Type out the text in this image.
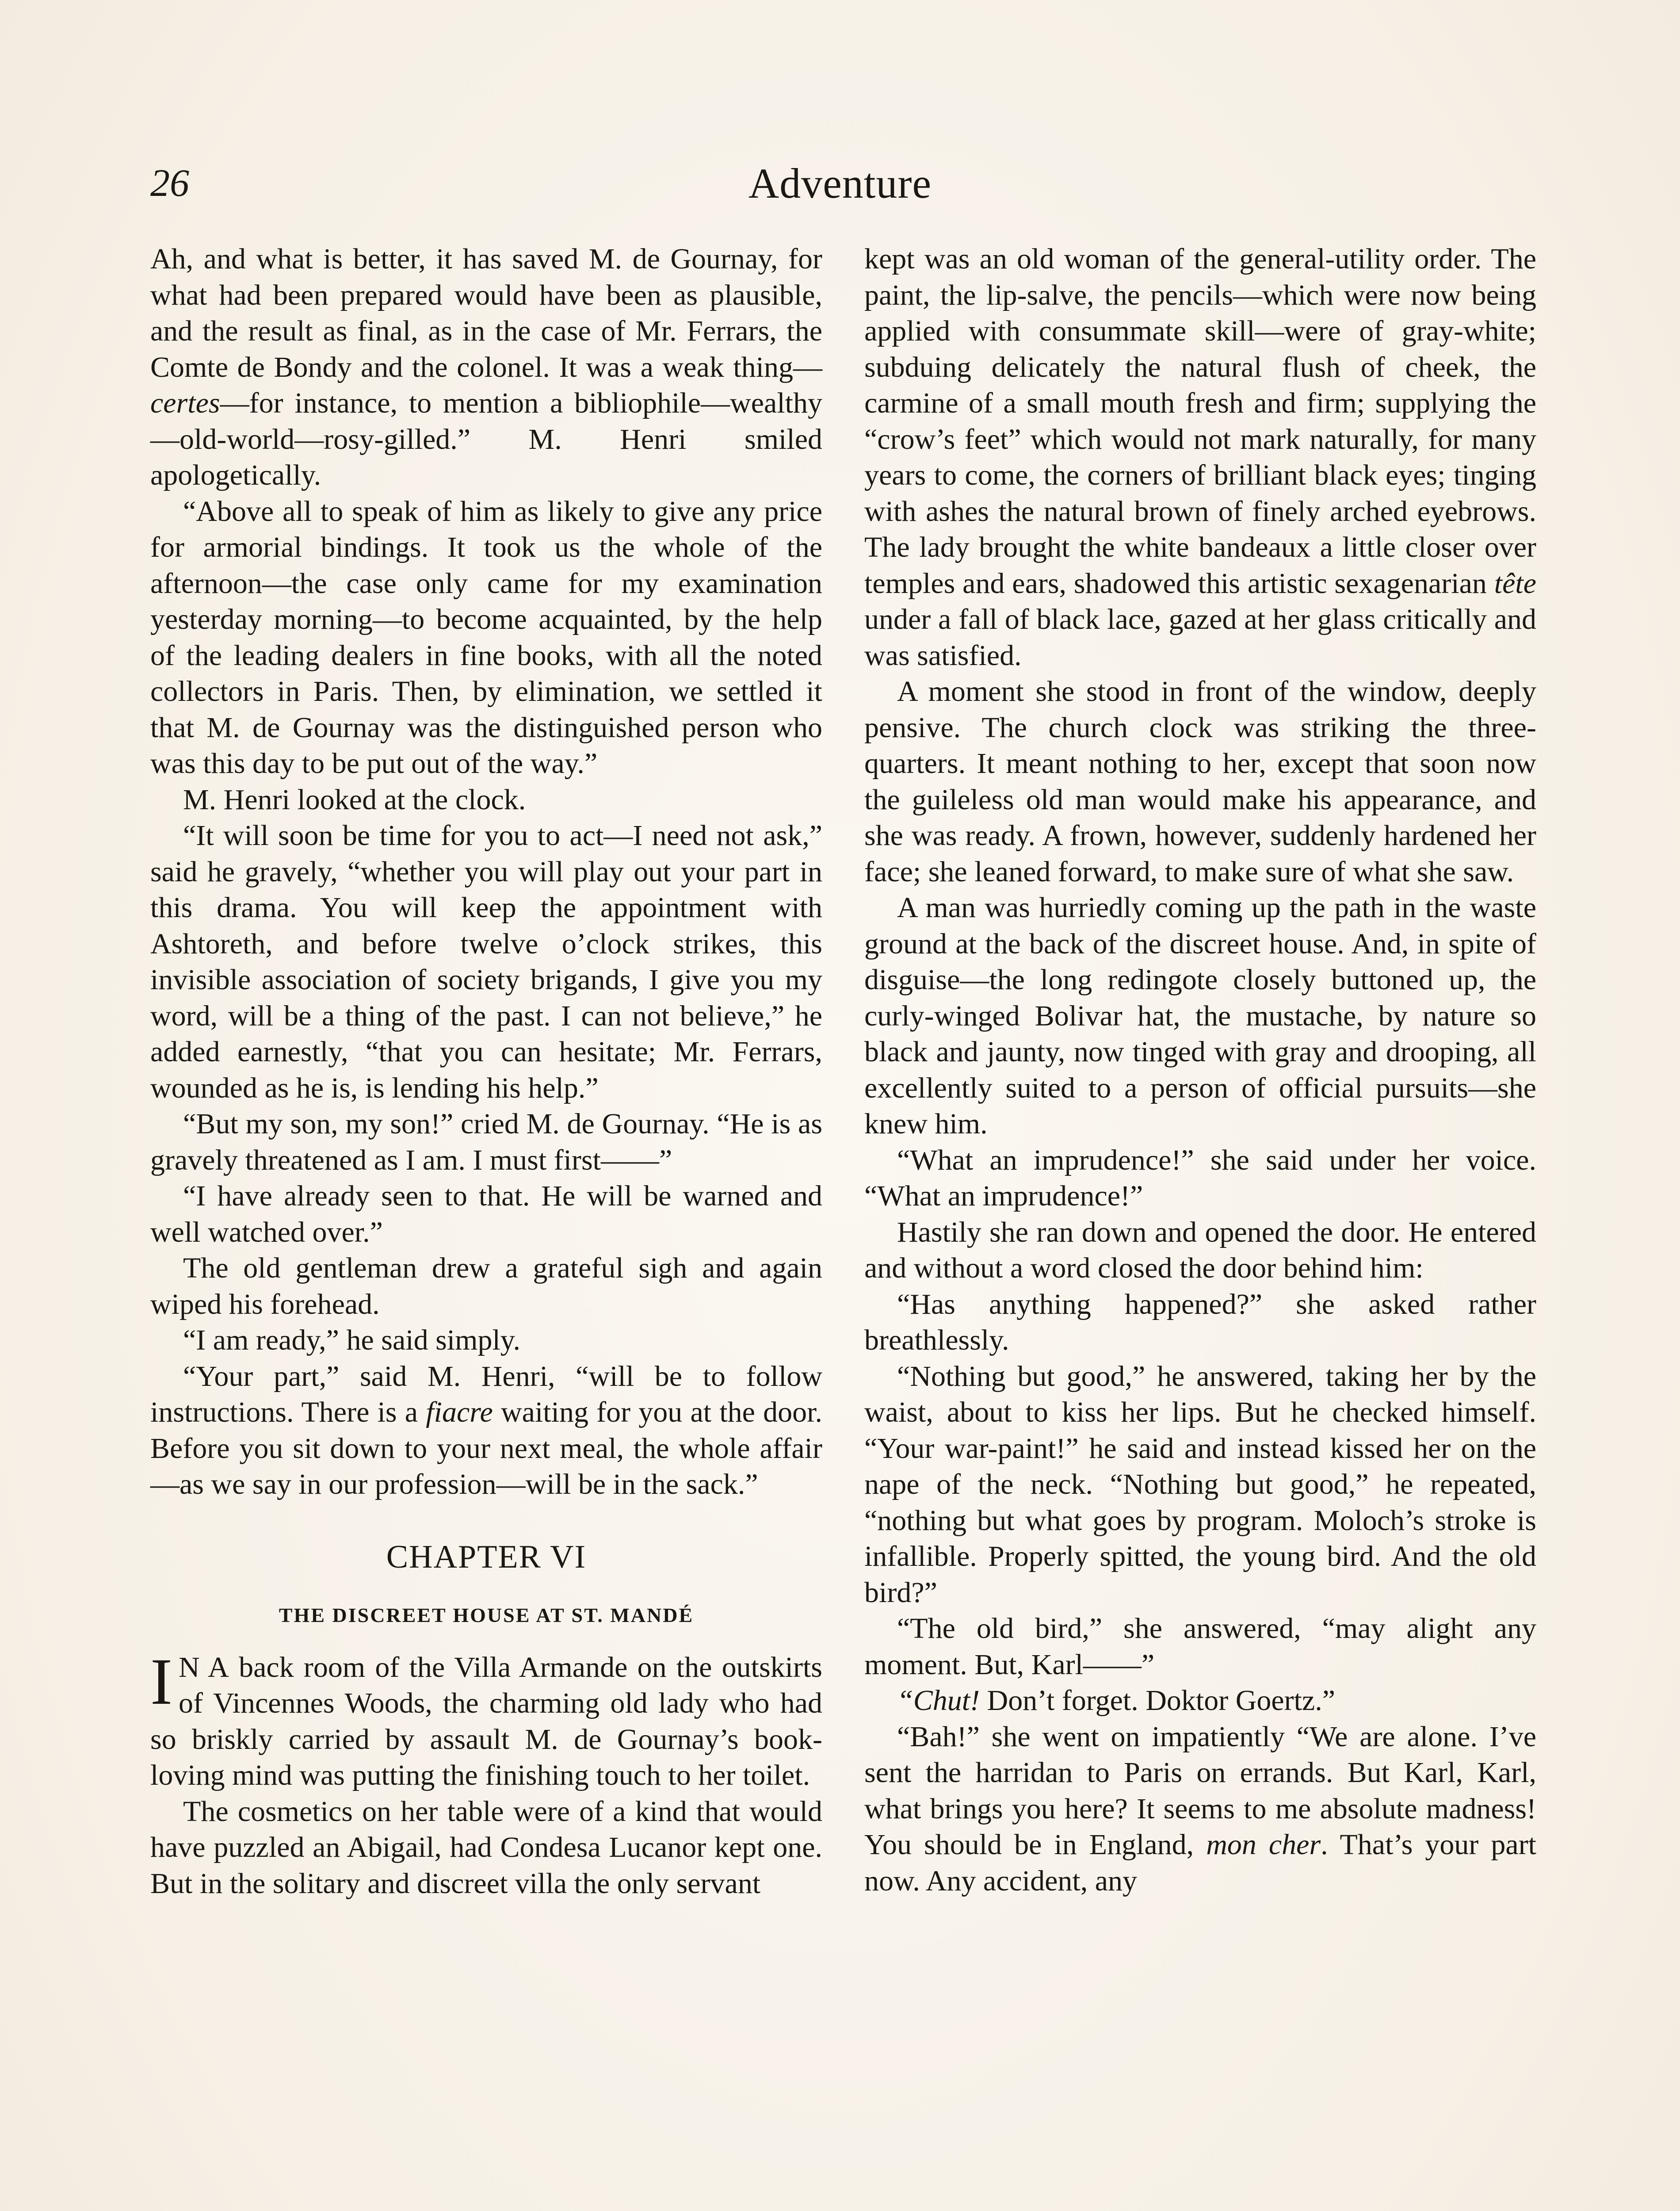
26	Adventure

Ah, and what is better, it has saved M. de Gournay, for what had been prepared would have been as plausible, and the result as final, as in the case of Mr. Ferrars, the Comte de Bondy and the colonel. It was a weak thing—certes—for instance, to mention a bibliophile—wealthy—old-world—rosy-gilled.” M. Henri smiled apologetically.

“Above all to speak of him as likely to give any price for armorial bindings. It took us the whole of the afternoon—the case only came for my examination yesterday morning—to become acquainted, by the help of the leading dealers in fine books, with all the noted collectors in Paris. Then, by elimination, we settled it that M. de Gournay was the distinguished person who was this day to be put out of the way.”

M. Henri looked at the clock.

“It will soon be time for you to act—I need not ask,” said he gravely, “whether you will play out your part in this drama. You will keep the appointment with Ashtoreth, and before twelve o’clock strikes, this invisible association of society brigands, I give you my word, will be a thing of the past. I can not believe,” he added earnestly, “that you can hesitate; Mr. Ferrars, wounded as he is, is lending his help.”

“But my son, my son!” cried M. de Gournay. “He is as gravely threatened as I am. I must first——”

“I have already seen to that. He will be warned and well watched over.”

The old gentleman drew a grateful sigh and again wiped his forehead.

“I am ready,” he said simply.

“Your part,” said M. Henri, “will be to follow instructions. There is a fiacre waiting for you at the door. Before you sit down to your next meal, the whole affair—as we say in our profession—will be in the sack.”

CHAPTER VI
THE DISCREET HOUSE AT ST. MANDÉ

I N A back room of the Villa Armande on the outskirts of Vincennes Woods, the charming old lady who had so briskly carried by assault M. de Gournay’s book-loving mind was putting the finishing touch to her toilet.

The cosmetics on her table were of a kind that would have puzzled an Abigail, had Condesa Lucanor kept one. But in the solitary and discreet villa the only servant

kept was an old woman of the general-utility order. The paint, the lip-salve, the pencils—which were now being applied with consummate skill—were of gray-white; subduing delicately the natural flush of cheek, the carmine of a small mouth fresh and firm; supplying the “crow’s feet” which would not mark naturally, for many years to come, the corners of brilliant black eyes; tinging with ashes the natural brown of finely arched eyebrows. The lady brought the white bandeaux a little closer over temples and ears, shadowed this artistic sexagenarian tête under a fall of black lace, gazed at her glass critically and was satisfied.

A moment she stood in front of the window, deeply pensive. The church clock was striking the three-quarters. It meant nothing to her, except that soon now the guileless old man would make his appearance, and she was ready. A frown, however, suddenly hardened her face; she leaned forward, to make sure of what she saw.

A man was hurriedly coming up the path in the waste ground at the back of the discreet house. And, in spite of disguise—the long redingote closely buttoned up, the curly-winged Bolivar hat, the mustache, by nature so black and jaunty, now tinged with gray and drooping, all excellently suited to a person of official pursuits—she knew him.

“What an imprudence!” she said under her voice. “What an imprudence!”

Hastily she ran down and opened the door. He entered and without a word closed the door behind him:

“Has anything happened?” she asked rather breathlessly.

“Nothing but good,” he answered, taking her by the waist, about to kiss her lips. But he checked himself. “Your war-paint!” he said and instead kissed her on the nape of the neck. “Nothing but good,” he repeated, “nothing but what goes by program. Moloch’s stroke is infallible. Properly spitted, the young bird. And the old bird?”

“The old bird,” she answered, “may alight any moment. But, Karl——”

“Chut! Don’t forget. Doktor Goertz.”

“Bah!” she went on impatiently “We are alone. I’ve sent the harridan to Paris on errands. But Karl, Karl, what brings you here? It seems to me absolute madness! You should be in England, mon cher. That’s your part now. Any accident, any
